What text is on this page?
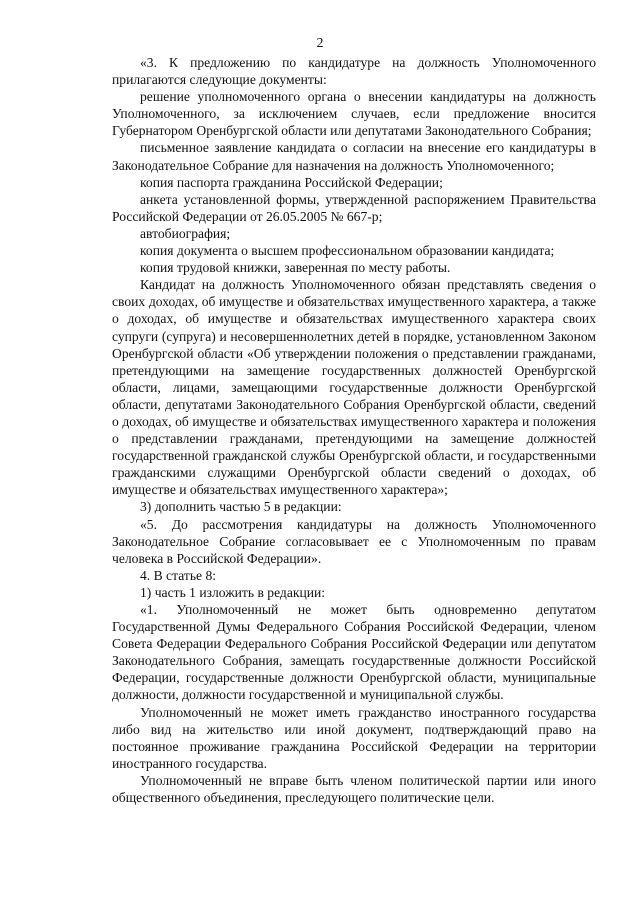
2

«3. К предложению по кандидатуре на должность Уполномоченного прилагаются следующие документы:

решение уполномоченного органа о внесении кандидатуры на должность Уполномоченного, за исключением случаев, если предложение вносится Губернатором Оренбургской области или депутатами Законодательного Собрания;

письменное заявление кандидата о согласии на внесение его кандидатуры в Законодательное Собрание для назначения на должность Уполномоченного;

копия паспорта гражданина Российской Федерации;

анкета установленной формы, утвержденной распоряжением Правительства Российской Федерации от 26.05.2005 № 667-р;

автобиография;

копия документа о высшем профессиональном образовании кандидата;

копия трудовой книжки, заверенная по месту работы.

Кандидат на должность Уполномоченного обязан представлять сведения о своих доходах, об имуществе и обязательствах имущественного характера, а также о доходах, об имуществе и обязательствах имущественного характера своих супруги (супруга) и несовершеннолетних детей в порядке, установленном Законом Оренбургской области «Об утверждении положения о представлении гражданами, претендующими на замещение государственных должностей Оренбургской области, лицами, замещающими государственные должности Оренбургской области, депутатами Законодательного Собрания Оренбургской области, сведений о доходах, об имуществе и обязательствах имущественного характера и положения о представлении гражданами, претендующими на замещение должностей государственной гражданской службы Оренбургской области, и государственными гражданскими служащими Оренбургской области сведений о доходах, об имуществе и обязательствах имущественного характера»;

3) дополнить частью 5 в редакции:

«5. До рассмотрения кандидатуры на должность Уполномоченного Законодательное Собрание согласовывает ее с Уполномоченным по правам человека в Российской Федерации».

4. В статье 8:

1) часть 1 изложить в редакции:

«1. Уполномоченный не может быть одновременно депутатом Государственной Думы Федерального Собрания Российской Федерации, членом Совета Федерации Федерального Собрания Российской Федерации или депутатом Законодательного Собрания, замещать государственные должности Российской Федерации, государственные должности Оренбургской области, муниципальные должности, должности государственной и муниципальной службы.

Уполномоченный не может иметь гражданство иностранного государства либо вид на жительство или иной документ, подтверждающий право на постоянное проживание гражданина Российской Федерации на территории иностранного государства.

Уполномоченный не вправе быть членом политической партии или иного общественного объединения, преследующего политические цели.
